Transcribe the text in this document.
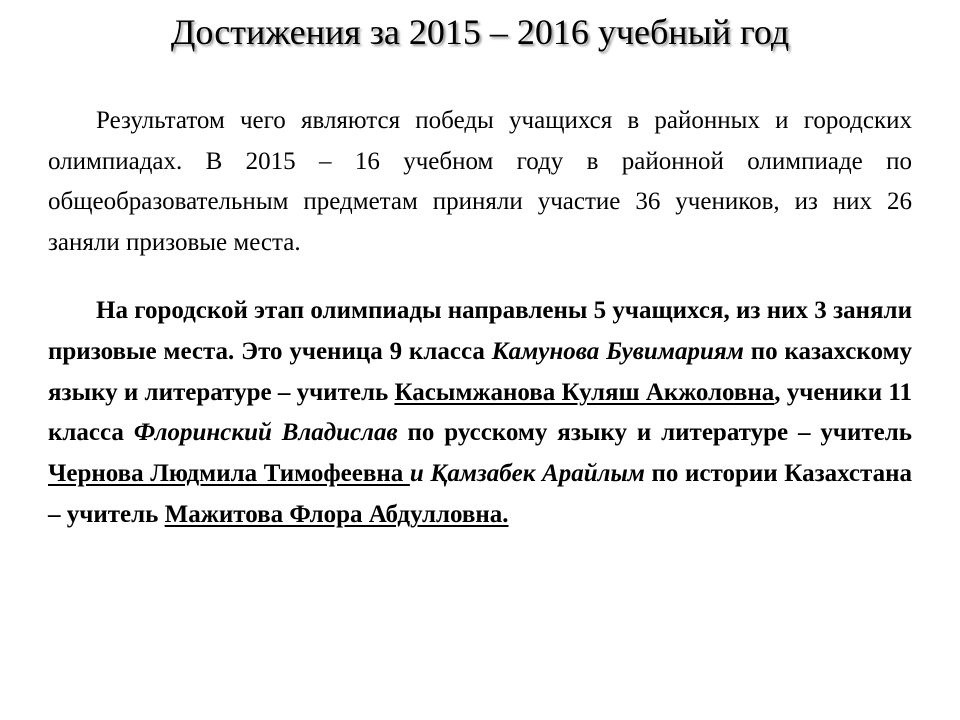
Достижения за 2015 – 2016 учебный год

Результатом чего являются победы учащихся в районных и городских олимпиадах. В 2015 – 16 учебном году в районной олимпиаде по общеобразовательным предметам приняли участие 36 учеников, из них 26 заняли призовые места.

На городской этап олимпиады направлены 5 учащихся, из них 3 заняли призовые места. Это ученица 9 класса Камунова Бувимариям по казахскому языку и литературе – учитель Касымжанова Куляш Акжоловна, ученики 11 класса Флоринский Владислав по русскому языку и литературе – учитель Чернова Людмила Тимофеевна и Қамзабек Арайлым по истории Казахстана – учитель Мажитова Флора Абдулловна.
